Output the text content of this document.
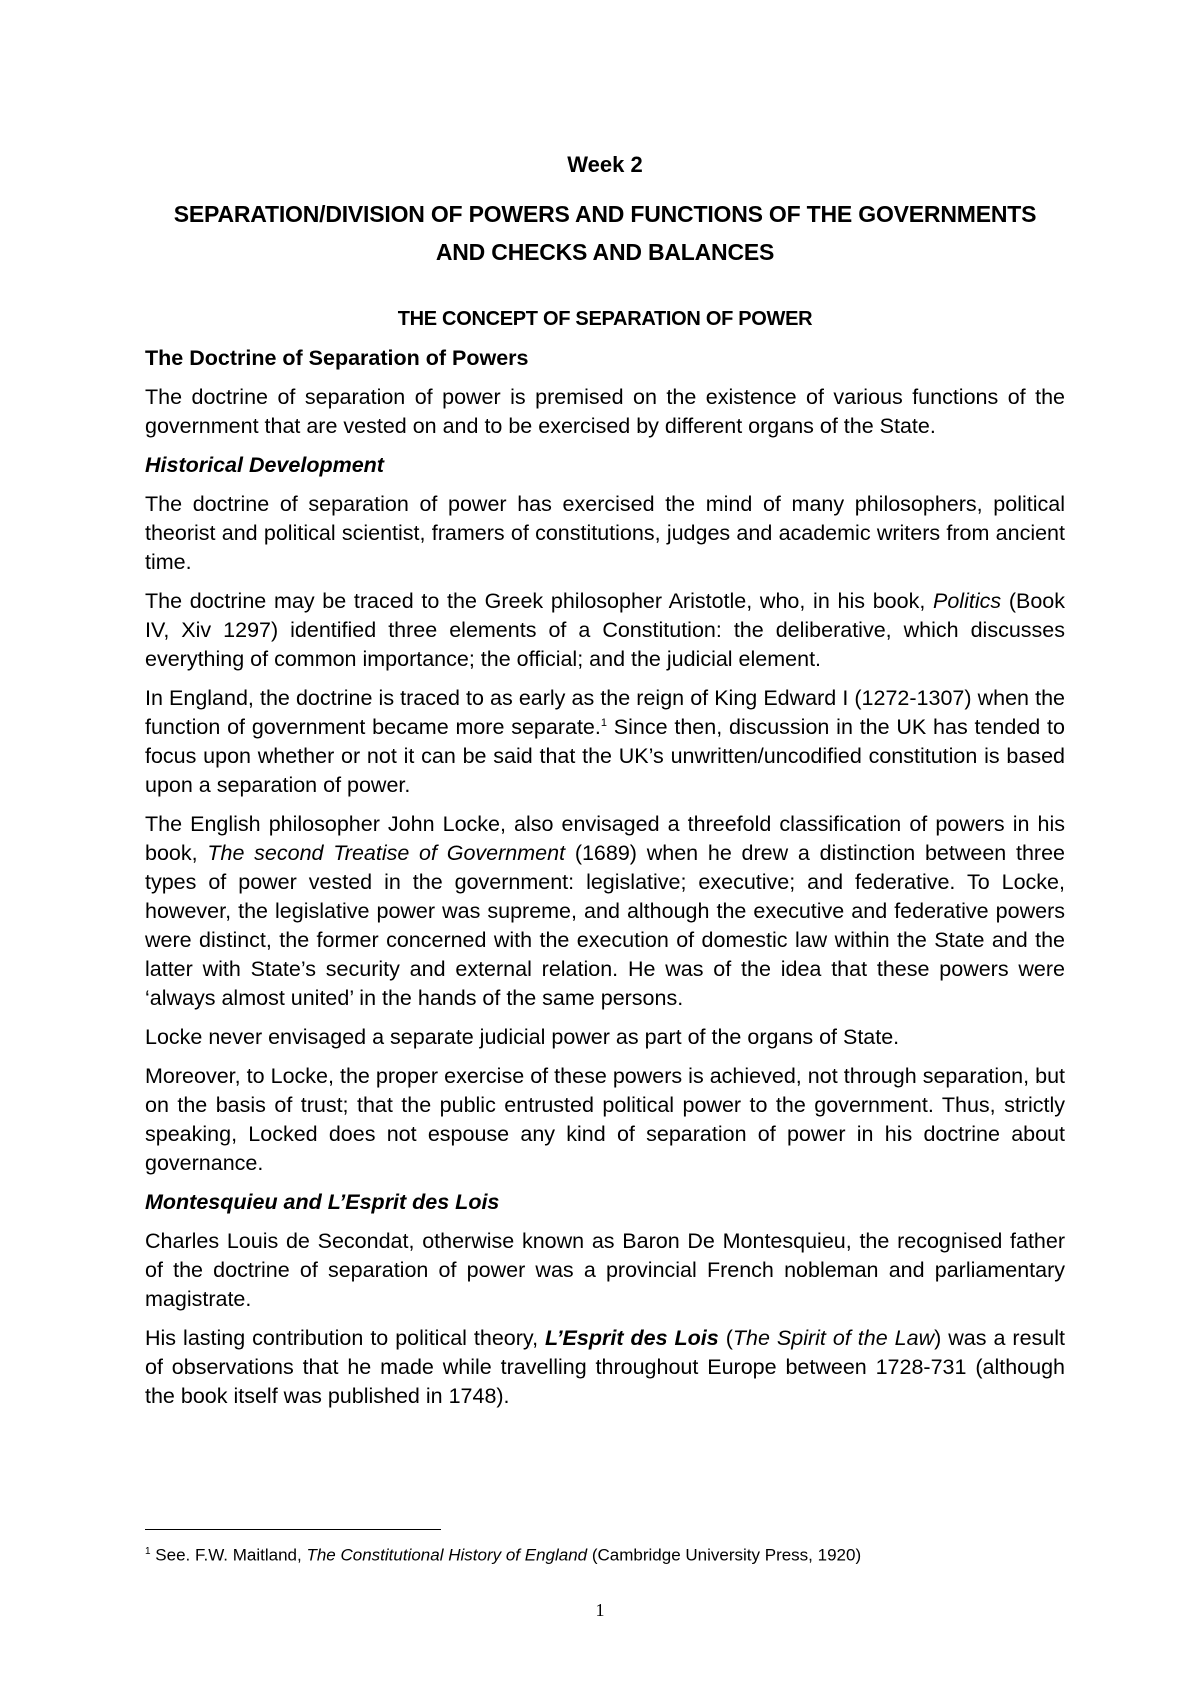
Week 2
SEPARATION/DIVISION OF POWERS AND FUNCTIONS OF THE GOVERNMENTS
AND CHECKS AND BALANCES
THE CONCEPT OF SEPARATION OF POWER
The Doctrine of Separation of Powers

The doctrine of separation of power is premised on the existence of various functions of the government that are vested on and to be exercised by different organs of the State.

Historical Development

The doctrine of separation of power has exercised the mind of many philosophers, political theorist and political scientist, framers of constitutions, judges and academic writers from ancient time.

The doctrine may be traced to the Greek philosopher Aristotle, who, in his book, Politics (Book IV, Xiv 1297) identified three elements of a Constitution: the deliberative, which discusses everything of common importance; the official; and the judicial element.

In England, the doctrine is traced to as early as the reign of King Edward I (1272-1307) when the function of government became more separate.$^1$ Since then, discussion in the UK has tended to focus upon whether or not it can be said that the UK’s unwritten/uncodified constitution is based upon a separation of power.

The English philosopher John Locke, also envisaged a threefold classification of powers in his book, The second Treatise of Government (1689) when he drew a distinction between three types of power vested in the government: legislative; executive; and federative. To Locke, however, the legislative power was supreme, and although the executive and federative powers were distinct, the former concerned with the execution of domestic law within the State and the latter with State’s security and external relation. He was of the idea that these powers were ‘always almost united’ in the hands of the same persons.

Locke never envisaged a separate judicial power as part of the organs of State.

Moreover, to Locke, the proper exercise of these powers is achieved, not through separation, but on the basis of trust; that the public entrusted political power to the government. Thus, strictly speaking, Locked does not espouse any kind of separation of power in his doctrine about governance.

Montesquieu and L’Esprit des Lois

Charles Louis de Secondat, otherwise known as Baron De Montesquieu, the recognised father of the doctrine of separation of power was a provincial French nobleman and parliamentary magistrate.

His lasting contribution to political theory, L’Esprit des Lois (The Spirit of the Law) was a result of observations that he made while travelling throughout Europe between 1728-731 (although the book itself was published in 1748).

$^1$ See. F.W. Maitland, The Constitutional History of England (Cambridge University Press, 1920)
1
